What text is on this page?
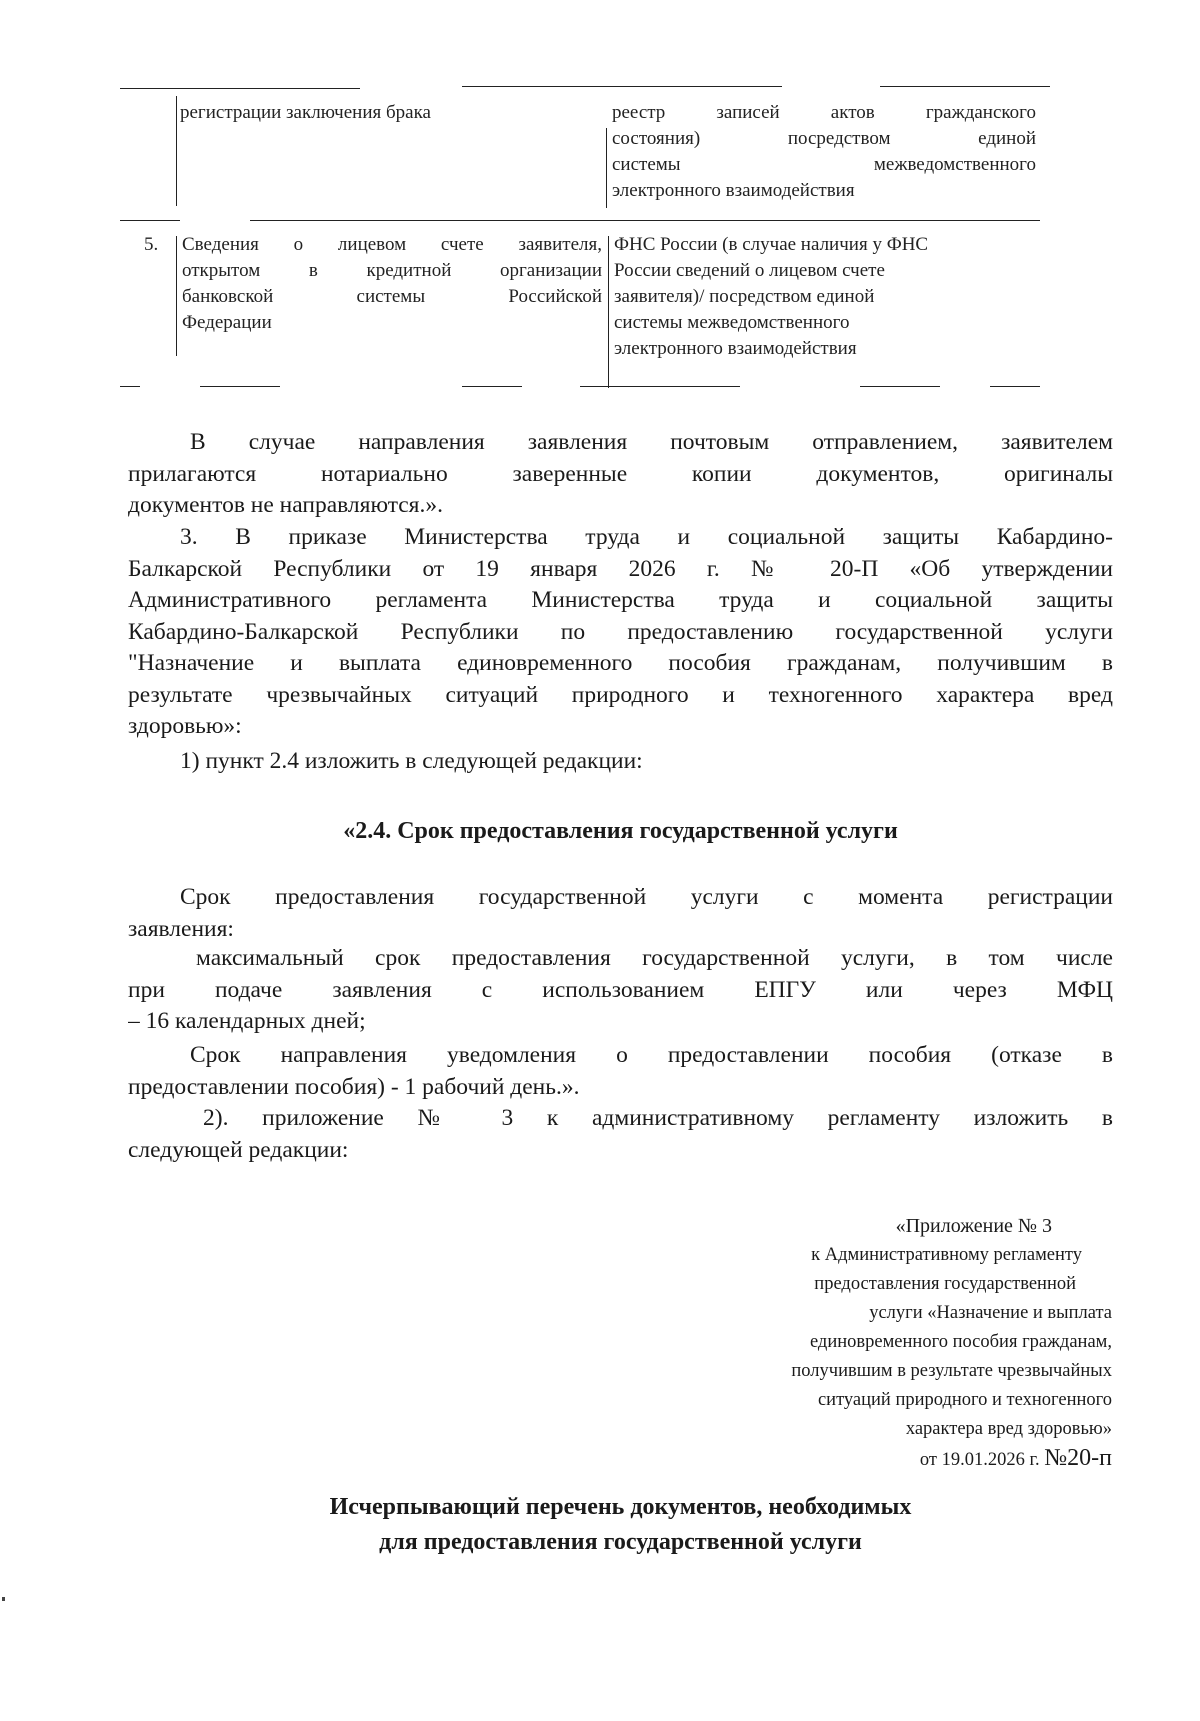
регистрации заключения брака	реестр записей актов гражданского
состояния) посредством единой
системы межведомственного
электронного взаимодействия
5. Сведения о лицевом счете заявителя,
открытом в кредитной организации
банковской системы Российской
Федерации
ФНС России (в случае наличия у ФНС
России сведений о лицевом счете
заявителя)/ посредством единой
системы межведомственного
электронного взаимодействия
В случае направления заявления почтовым отправлением, заявителем
прилагаются нотариально заверенные копии документов, оригиналы
документов не направляются.».
3. В приказе Министерства труда и социальной защиты Кабардино-
Балкарской Республики от 19 января 2026 г. № 20-П «Об утверждении
Административного регламента Министерства труда и социальной защиты
Кабардино-Балкарской Республики по предоставлению государственной услуги
"Назначение и выплата единовременного пособия гражданам, получившим в
результате чрезвычайных ситуаций природного и техногенного характера вред
здоровью»:
1) пункт 2.4 изложить в следующей редакции:
«2.4. Срок предоставления государственной услуги
Срок предоставления государственной услуги с момента регистрации
заявления:
максимальный срок предоставления государственной услуги, в том числе
при подаче заявления с использованием ЕПГУ или через МФЦ
– 16 календарных дней;
Срок направления уведомления о предоставлении пособия (отказе в
предоставлении пособия) - 1 рабочий день.».
2). приложение № 3 к административному регламенту изложить в
следующей редакции:
«Приложение № 3
к Административному регламенту
предоставления государственной
услуги «Назначение и выплата
единовременного пособия гражданам,
получившим в результате чрезвычайных
ситуаций природного и техногенного
характера вред здоровью»
от 19.01.2026 г. №20-п
Исчерпывающий перечень документов, необходимых
для предоставления государственной услуги
